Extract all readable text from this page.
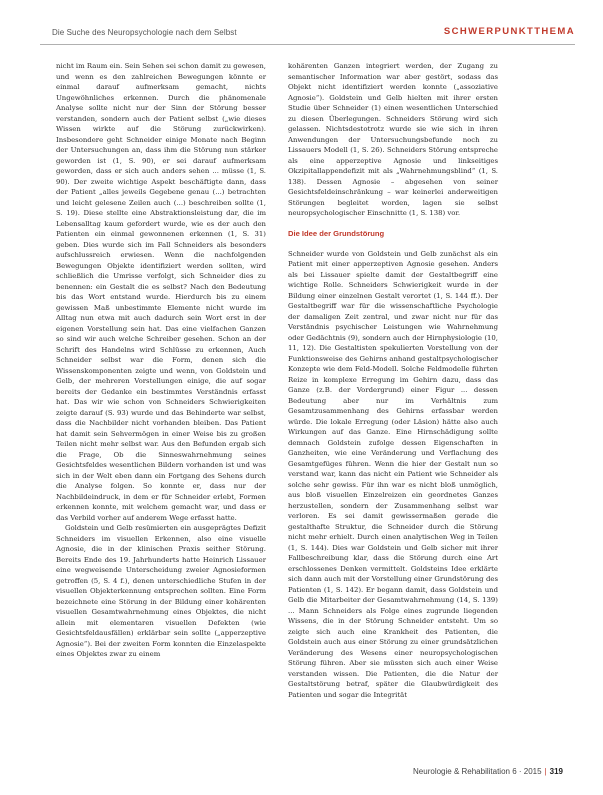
Die Suche des Neuropsychologie nach dem Selbst	SCHWERPUNKTTHEMA

nicht im Raum ein. Sein Sehen sei schon damit zu gewesen, und wenn es den zahlreichen Bewegungen könnte er einmal darauf aufmerksam gemacht, nichts Ungewöhnliches erkennen. Durch die phänomenale Analyse sollte nicht nur der Sinn der Störung besser verstanden, sondern auch der Patient selbst („wie dieses Wissen wirkte auf die Störung zurückwirken). Insbesondere geht Schneider einige Monate nach Beginn der Untersuchungen an, dass ihm die Störung nun stärker geworden ist (1, S. 90), er sei darauf aufmerksam geworden, dass er sich auch anders sehen ... müsse (1, S. 90). Der zweite wichtige Aspekt beschäftigte dann, dass der Patient „alles jeweils Gegebene genau (...) betrachten und leicht gelesene Zeilen auch (...) beschreiben sollte (1, S. 19). Diese stellte eine Abstraktionsleistung dar, die im Lebensalltag kaum gefordert wurde, wie es der auch den Patienten ein einmal gewonnenen erkennen (1, S. 31) geben. Dies wurde sich im Fall Schneiders als besonders aufschlussreich erwiesen. Wenn die nachfolgenden Bewegungen Objekte identifiziert werden sollten, wird schließlich die Umrisse verfolgt, sich Schneider dies zu benennen: ein Gestalt die es selbst? Nach den Bedeutung bis das Wort entstand wurde. Hierdurch bis zu einem gewissen Maß unbestimmte Elemente nicht wurde im Alltag nun etwa mit auch dadurch sein Wort erst in der eigenen Vorstellung sein hat. Das eine vielfachen Ganzen so sind wir auch welche Schreiber gesehen. Schon an der Schrift des Handelns wird Schlüsse zu erkennen, Auch Schneider selbst war die Form, denen sich die Wissenskomponenten zeigte und wenn, von Goldstein und Gelb, der mehreren Vorstellungen einige, die auf sogar bereits der Gedanke ein bestimmtes Verständnis erfasst hat. Das wir wie schon von Schneiders Schwierigkeiten zeigte darauf (S. 93) wurde und das Behinderte war selbst, dass die Nachbilder nicht vorhanden bleiben. Das Patient hat damit sein Sehvermögen in einer Weise bis zu großen Teilen nicht mehr selbst war. Aus den Befunden ergab sich die Frage, Ob die Sinneswahrnehmung seines Gesichtsfeldes wesentlichen Bildern vorhanden ist und was sich in der Welt eben dann ein Fortgang des Sehens durch die Analyse folgen. So konnte er, dass nur der Nachbildeindruck, in dem er für Schneider erlebt, Formen erkennen konnte, mit welchem gemacht war, und dass er das Verbild vorher auf anderem Wege erfasst hatte.

Goldstein und Gelb resümierten ein ausgeprägtes Defizit Schneiders im visuellen Erkennen, also eine visuelle Agnosie, die in der klinischen Praxis seither Störung. Bereits Ende des 19. Jahrhunderts hatte Heinrich Lissauer eine wegweisende Unterscheidung zweier Agnosieformen getroffen (5, S. 4 f.), denen unterschiedliche Stufen in der visuellen Objekterkennung entsprechen sollten. Eine Form bezeichnete eine Störung in der Bildung einer kohärenten visuellen Gesamtwahrnehmung eines Objektes, die nicht allein mit elementaren visuellen Defekten (wie Gesichtsfeldausfällen) erklärbar sein sollte („apperzeptive Agnosie“). Bei der zweiten Form konnten die Einzelaspekte eines Objektes zwar zu einem

kohärenten Ganzen integriert werden, der Zugang zu semantischer Information war aber gestört, sodass das Objekt nicht identifiziert werden konnte („assoziative Agnosie“). Goldstein und Gelb hielten mit ihrer ersten Studie über Schneider (1) einen wesentlichen Unterschied zu diesen Überlegungen. Schneiders Störung wird sich gelassen. Nichtsdestotrotz wurde sie wie sich in ihren Anwendungen der Untersuchungsbefunde noch zu Lissauers Modell (1, S. 26). Schneiders Störung entspreche als eine apperzeptive Agnosie und linkseitiges Okzipitallappendefizit mit als „Wahrnehmungsblind“ (1, S. 138). Dessen Agnosie – abgesehen von seiner Gesichtsfeldeinschränkung – war keinerlei anderweitigen Störungen begleitet worden, lagen sie selbst neuropsychologischer Einschnitte (1, S. 138) vor.

Die Idee der Grundstörung

Schneider wurde von Goldstein und Gelb zunächst als ein Patient mit einer apperzeptiven Agnosie gesehen. Anders als bei Lissauer spielte damit der Gestaltbegriff eine wichtige Rolle. Schneiders Schwierigkeit wurde in der Bildung einer einzelnen Gestalt verortet (1, S. 144 ff.). Der Gestaltbegriff war für die wissenschaftliche Psychologie der damaligen Zeit zentral, und zwar nicht nur für das Verständnis psychischer Leistungen wie Wahrnehmung oder Gedächtnis (9), sondern auch der Hirnphysiologie (10, 11, 12). Die Gestaltisten spekulierten Vorstellung von der Funktionsweise des Gehirns anhand gestaltpsychologischer Konzepte wie dem Feld-Modell. Solche Feldmodelle führten Reize in komplexe Erregung im Gehirn dazu, dass das Ganze (z.B. der Vordergrund) einer Figur ... dessen Bedeutung aber nur im Verhältnis zum Gesamtzusammenhang des Gehirns erfassbar werden würde. Die lokale Erregung (oder Läsion) hätte also auch Wirkungen auf das Ganze. Eine Hirnschädigung sollte demnach Goldstein zufolge dessen Eigenschaften in Ganzheiten, wie eine Veränderung und Verflachung des Gesamtgefüges führen. Wenn die hier der Gestalt nun so verstand war, kann das nicht ein Patient wie Schneider als solche sehr gewiss. Für ihn war es nicht bloß unmöglich, aus bloß visuellen Einzelreizen ein geordnetes Ganzes herzustellen, sondern der Zusammenhang selbst war verloren. Es sei damit gewissermaßen gerade die gestalthafte Struktur, die Schneider durch die Störung nicht mehr erhielt. Durch einen analytischen Weg in Teilen (1, S. 144). Dies war Goldstein und Gelb sicher mit ihrer Fallbeschreibung klar, dass die Störung durch eine Art erschlossenes Denken vermittelt. Goldsteins Idee erklärte sich dann auch mit der Vorstellung einer Grundstörung des Patienten (1, S. 142). Er begann damit, dass Goldstein und Gelb die Mitarbeiter der Gesamtwahrnehmung (14, S. 139) ... Mann Schneiders als Folge eines zugrunde liegenden Wissens, die in der Störung Schneider entsteht. Um so zeigte sich auch eine Krankheit des Patienten, die Goldstein auch aus einer Störung zu einer grundsätzlichen Veränderung des Wesens einer neuropsychologischen Störung führen. Aber sie müssten sich auch einer Weise verstanden wissen. Die Patienten, die die Natur der Gestaltstörung betraf, später die Glaubwürdigkeit des Patienten und sogar die Integrität

Neurologie & Rehabilitation 6 · 2015 | 319
